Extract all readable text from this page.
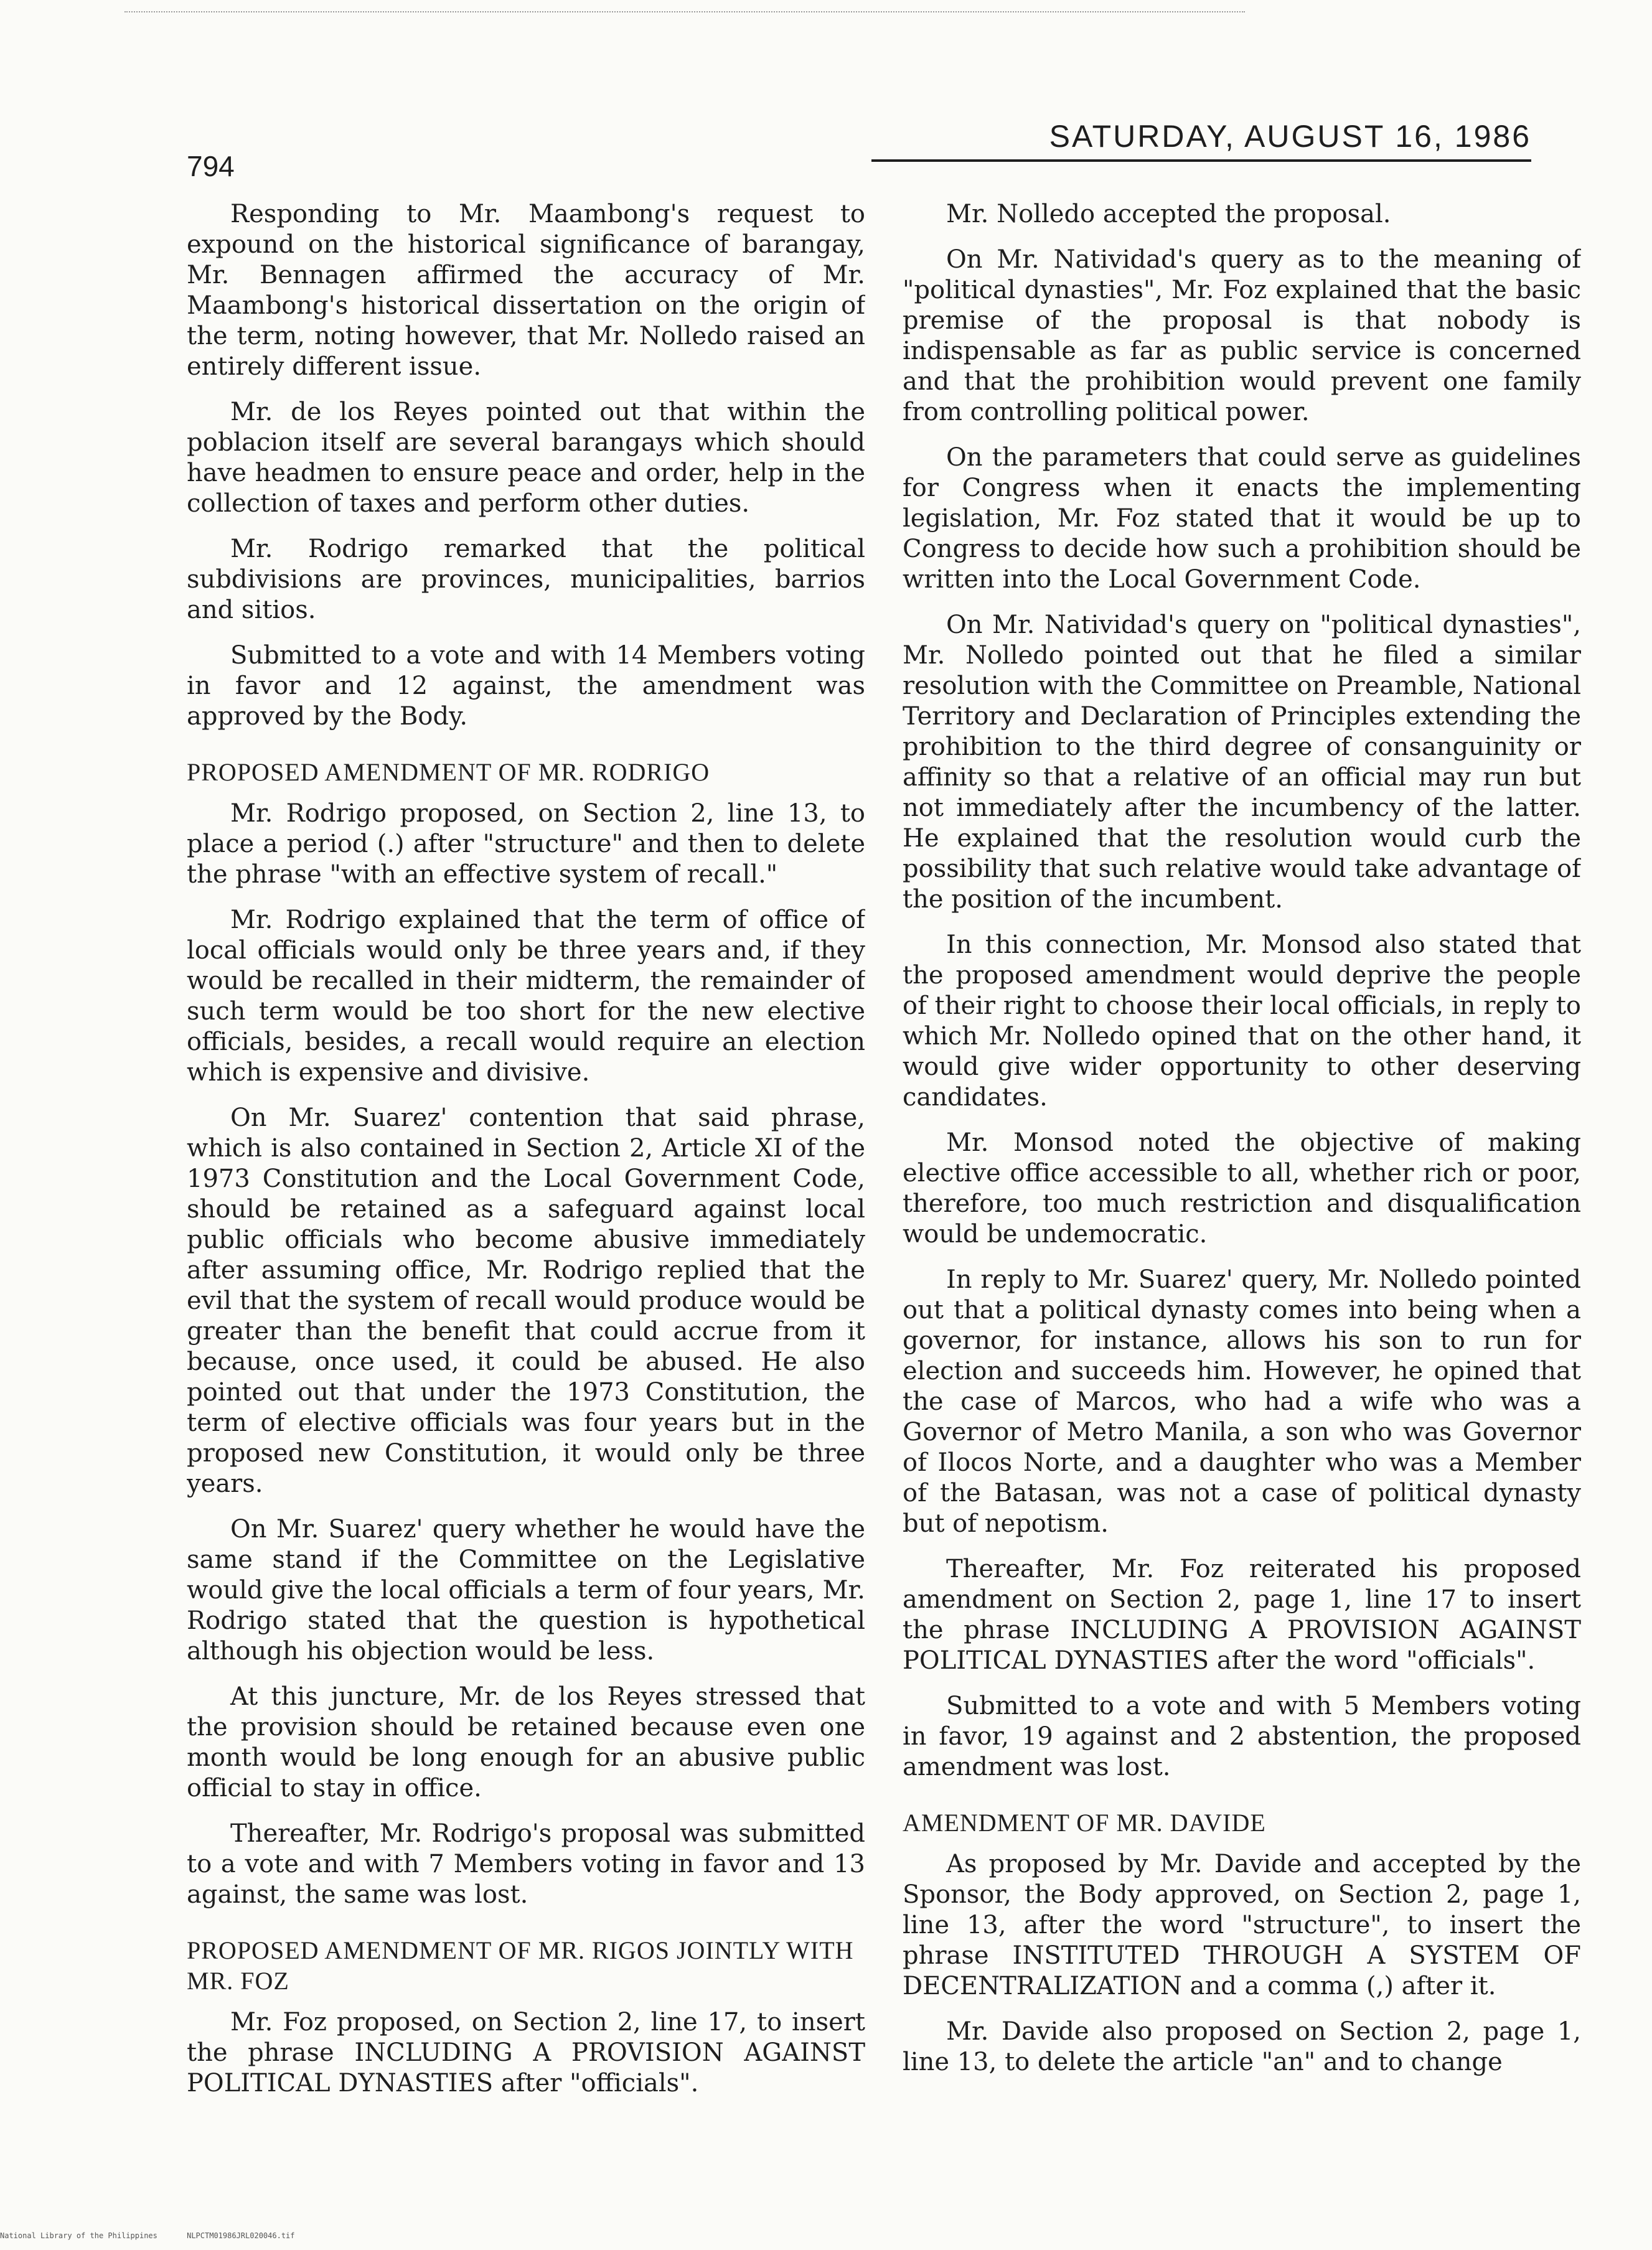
794
SATURDAY, AUGUST 16, 1986

Responding to Mr. Maambong's request to expound on the historical significance of barangay, Mr. Bennagen affirmed the accuracy of Mr. Maambong's historical dissertation on the origin of the term, noting however, that Mr. Nolledo raised an entirely different issue.

Mr. de los Reyes pointed out that within the poblacion itself are several barangays which should have headmen to ensure peace and order, help in the collection of taxes and perform other duties.

Mr. Rodrigo remarked that the political subdivisions are provinces, municipalities, barrios and sitios.

Submitted to a vote and with 14 Members voting in favor and 12 against, the amendment was approved by the Body.

PROPOSED AMENDMENT OF MR. RODRIGO

Mr. Rodrigo proposed, on Section 2, line 13, to place a period (.) after "structure" and then to delete the phrase "with an effective system of recall."

Mr. Rodrigo explained that the term of office of local officials would only be three years and, if they would be recalled in their midterm, the remainder of such term would be too short for the new elective officials, besides, a recall would require an election which is expensive and divisive.

On Mr. Suarez' contention that said phrase, which is also contained in Section 2, Article XI of the 1973 Constitution and the Local Government Code, should be retained as a safeguard against local public officials who become abusive immediately after assuming office, Mr. Rodrigo replied that the evil that the system of recall would produce would be greater than the benefit that could accrue from it because, once used, it could be abused. He also pointed out that under the 1973 Constitution, the term of elective officials was four years but in the proposed new Constitution, it would only be three years.

On Mr. Suarez' query whether he would have the same stand if the Committee on the Legislative would give the local officials a term of four years, Mr. Rodrigo stated that the question is hypothetical although his objection would be less.

At this juncture, Mr. de los Reyes stressed that the provision should be retained because even one month would be long enough for an abusive public official to stay in office.

Thereafter, Mr. Rodrigo's proposal was submitted to a vote and with 7 Members voting in favor and 13 against, the same was lost.

PROPOSED AMENDMENT OF MR. RIGOS JOINTLY WITH MR. FOZ

Mr. Foz proposed, on Section 2, line 17, to insert the phrase INCLUDING A PROVISION AGAINST POLITICAL DYNASTIES after "officials".

Mr. Nolledo accepted the proposal.

On Mr. Natividad's query as to the meaning of "political dynasties", Mr. Foz explained that the basic premise of the proposal is that nobody is indispensable as far as public service is concerned and that the prohibition would prevent one family from controlling political power.

On the parameters that could serve as guidelines for Congress when it enacts the implementing legislation, Mr. Foz stated that it would be up to Congress to decide how such a prohibition should be written into the Local Government Code.

On Mr. Natividad's query on "political dynasties", Mr. Nolledo pointed out that he filed a similar resolution with the Committee on Preamble, National Territory and Declaration of Principles extending the prohibition to the third degree of consanguinity or affinity so that a relative of an official may run but not immediately after the incumbency of the latter. He explained that the resolution would curb the possibility that such relative would take advantage of the position of the incumbent.

In this connection, Mr. Monsod also stated that the proposed amendment would deprive the people of their right to choose their local officials, in reply to which Mr. Nolledo opined that on the other hand, it would give wider opportunity to other deserving candidates.

Mr. Monsod noted the objective of making elective office accessible to all, whether rich or poor, therefore, too much restriction and disqualification would be undemocratic.

In reply to Mr. Suarez' query, Mr. Nolledo pointed out that a political dynasty comes into being when a governor, for instance, allows his son to run for election and succeeds him. However, he opined that the case of Marcos, who had a wife who was a Governor of Metro Manila, a son who was Governor of Ilocos Norte, and a daughter who was a Member of the Batasan, was not a case of political dynasty but of nepotism.

Thereafter, Mr. Foz reiterated his proposed amendment on Section 2, page 1, line 17 to insert the phrase INCLUDING A PROVISION AGAINST POLITICAL DYNASTIES after the word "officials".

Submitted to a vote and with 5 Members voting in favor, 19 against and 2 abstention, the proposed amendment was lost.

AMENDMENT OF MR. DAVIDE

As proposed by Mr. Davide and accepted by the Sponsor, the Body approved, on Section 2, page 1, line 13, after the word "structure", to insert the phrase INSTITUTED THROUGH A SYSTEM OF DECENTRALIZATION and a comma (,) after it.

Mr. Davide also proposed on Section 2, page 1, line 13, to delete the article "an" and to change

National Library of the Philippines	NLPCTM01986JRL020046.tif
